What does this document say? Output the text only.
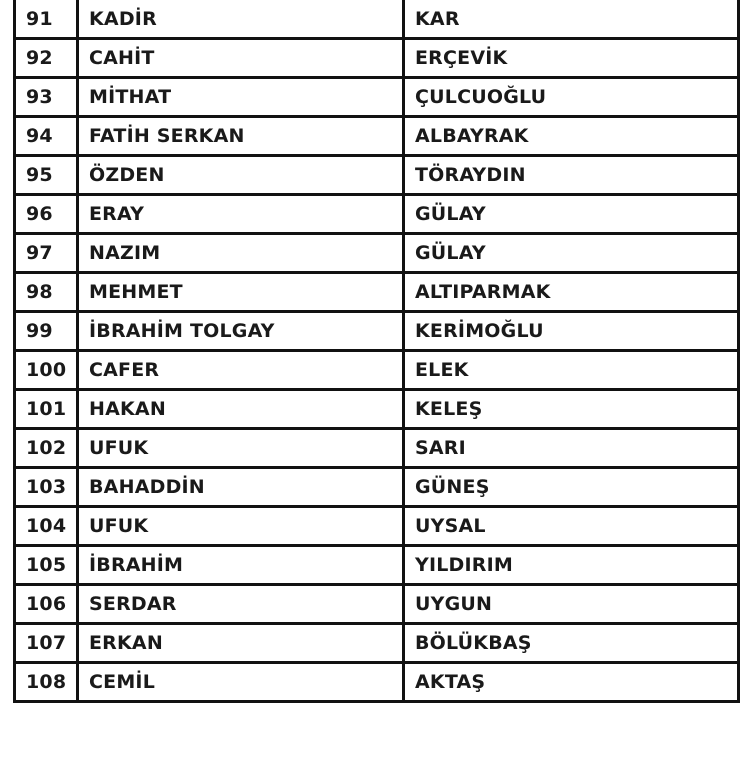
91	KADİR	KAR
92	CAHİT	ERÇEVİK
93	MİTHAT	ÇULCUOĞLU
94	FATİH SERKAN	ALBAYRAK
95	ÖZDEN	TÖRAYDIN
96	ERAY	GÜLAY
97	NAZIM	GÜLAY
98	MEHMET	ALTIPARMAK
99	İBRAHİM TOLGAY	KERİMOĞLU
100	CAFER	ELEK
101	HAKAN	KELEŞ
102	UFUK	SARI
103	BAHADDİN	GÜNEŞ
104	UFUK	UYSAL
105	İBRAHİM	YILDIRIM
106	SERDAR	UYGUN
107	ERKAN	BÖLÜKBAŞ
108	CEMİL	AKTAŞ
